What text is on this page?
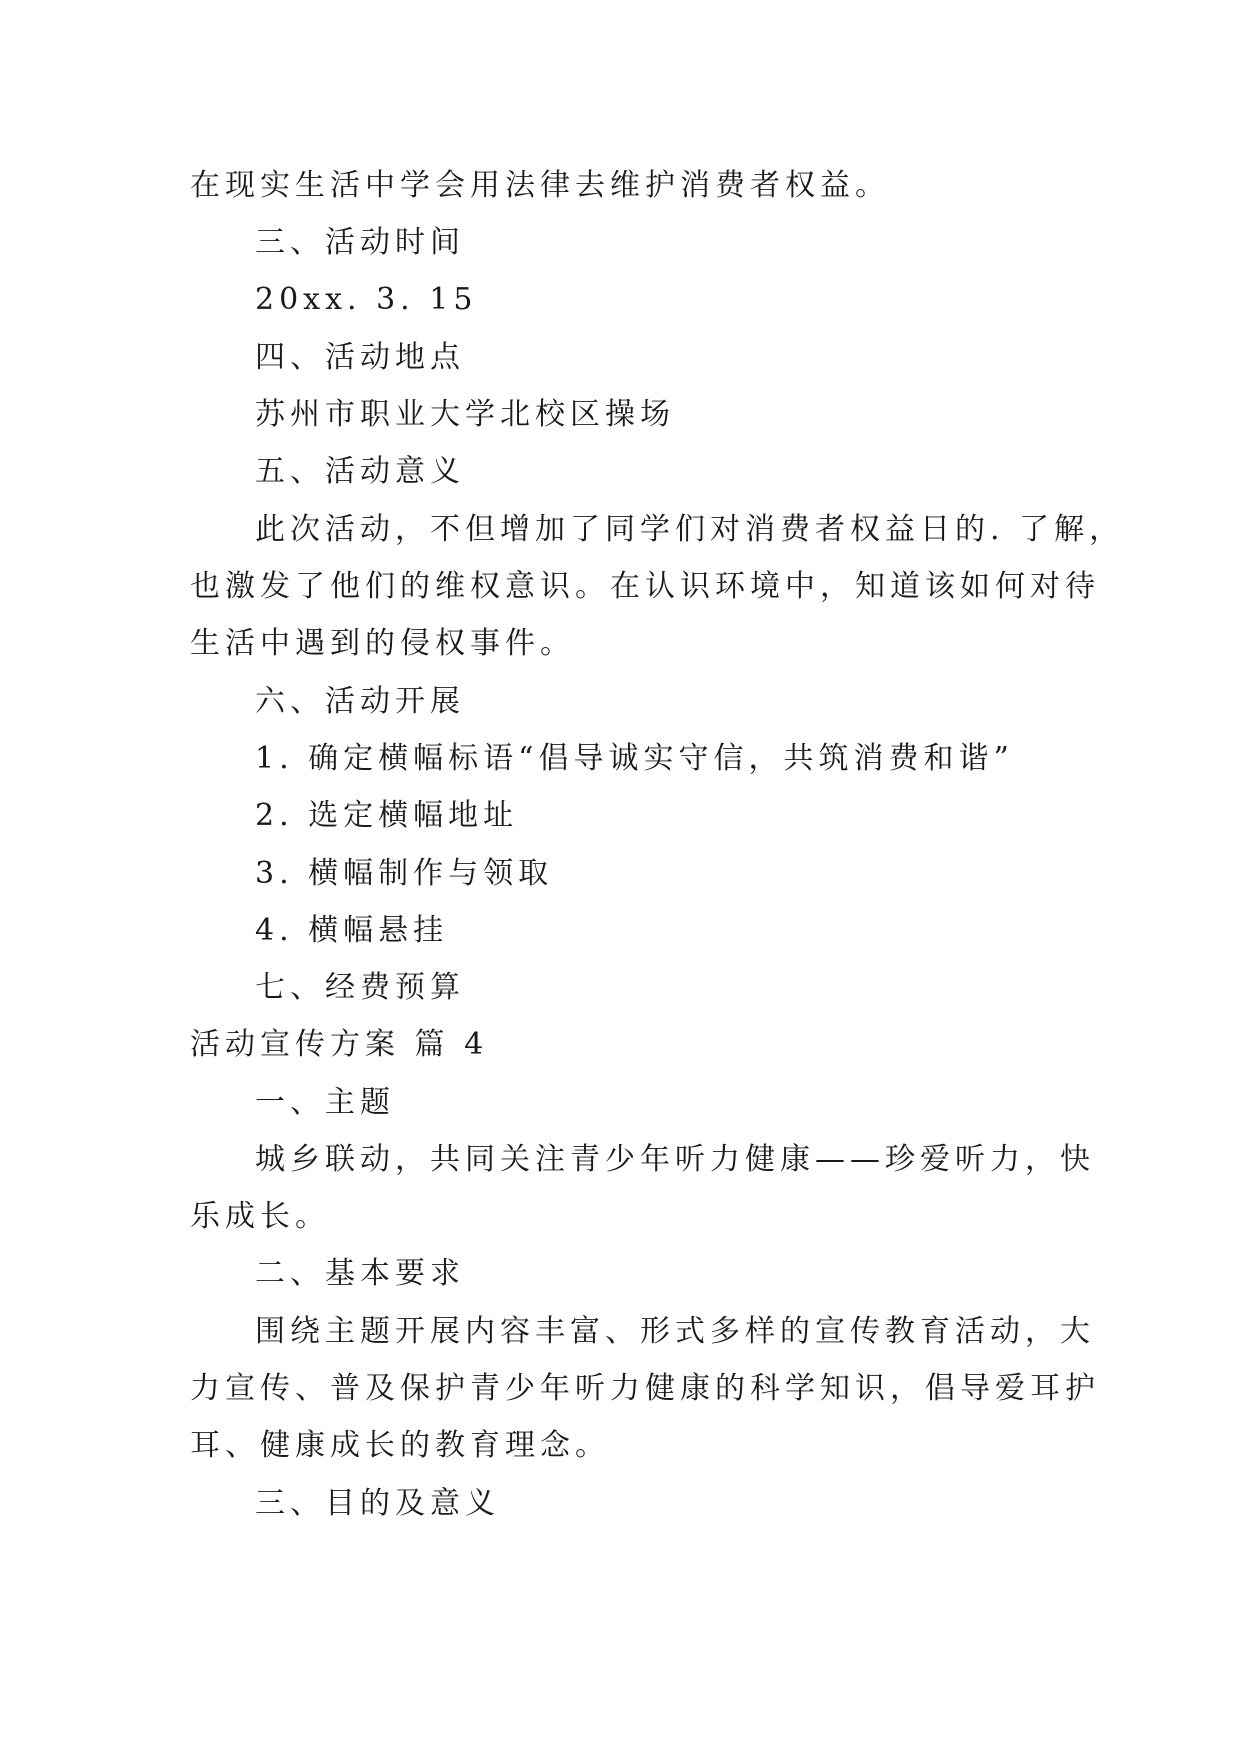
在现实生活中学会用法律去维护消费者权益。
三、活动时间
20xx. 3. 15
四、活动地点
苏州市职业大学北校区操场
五、活动意义
此次活动，不但增加了同学们对消费者权益日的. 了解，
也激发了他们的维权意识。在认识环境中，知道该如何对待
生活中遇到的侵权事件。
六、活动开展
1. 确定横幅标语“倡导诚实守信，共筑消费和谐”
2. 选定横幅地址
3. 横幅制作与领取
4. 横幅悬挂
七、经费预算
活动宣传方案 篇 4
一、主题
城乡联动，共同关注青少年听力健康——珍爱听力，快
乐成长。
二、基本要求
围绕主题开展内容丰富、形式多样的宣传教育活动，大
力宣传、普及保护青少年听力健康的科学知识，倡导爱耳护
耳、健康成长的教育理念。
三、目的及意义
